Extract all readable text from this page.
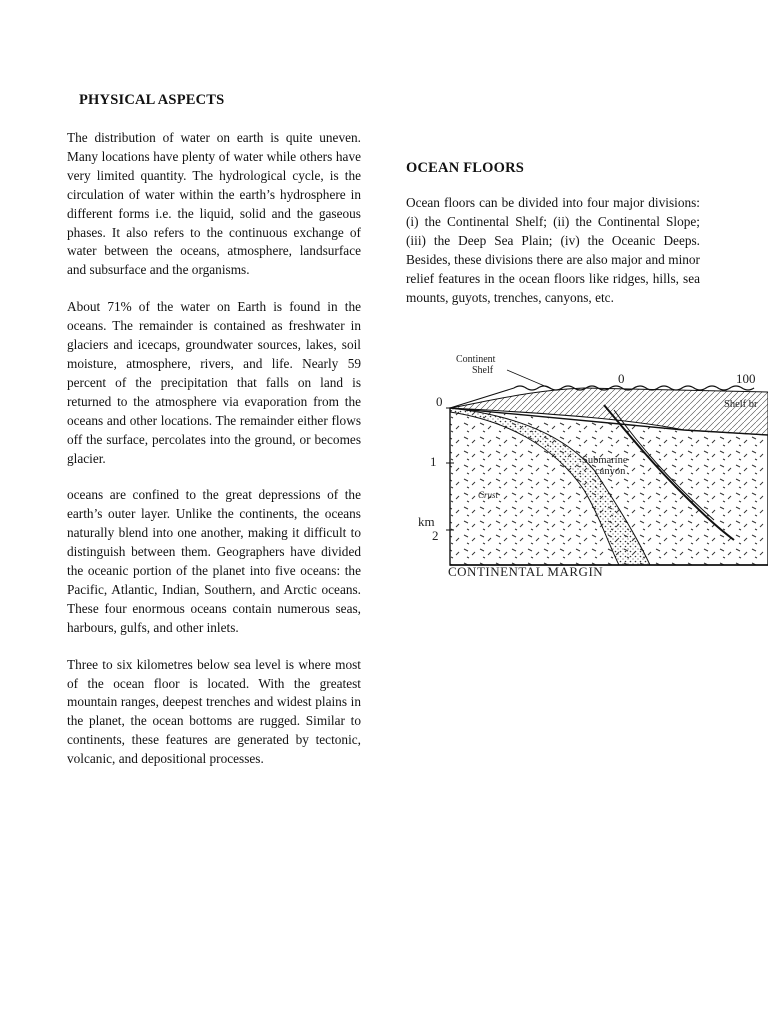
PHYSICAL ASPECTS

The distribution of water on earth is quite uneven. Many locations have plenty of water while others have very limited quantity. The hydrological cycle, is the circulation of water within the earth’s hydrosphere in different forms i.e. the liquid, solid and the gaseous phases. It also refers to the continuous exchange of water between the oceans, atmosphere, landsurface and subsurface and the organisms.

About 71% of the water on Earth is found in the oceans. The remainder is contained as freshwater in glaciers and icecaps, groundwater sources, lakes, soil moisture, atmosphere, rivers, and life. Nearly 59 percent of the precipitation that falls on land is returned to the atmosphere via evaporation from the oceans and other locations. The remainder either flows off the surface, percolates into the ground, or becomes glacier.

oceans are confined to the great depressions of the earth’s outer layer. Unlike the continents, the oceans naturally blend into one another, making it difficult to distinguish between them. Geographers have divided the oceanic portion of the planet into five oceans: the Pacific, Atlantic, Indian, Southern, and Arctic oceans. These four enormous oceans contain numerous seas, harbours, gulfs, and other inlets.

Three to six kilometres below sea level is where most of the ocean floor is located. With the greatest mountain ranges, deepest trenches and widest plains in the planet, the ocean bottoms are rugged. Similar to continents, these features are generated by tectonic, volcanic, and depositional processes.

OCEAN FLOORS

Ocean floors can be divided into four major divisions: (i) the Continental Shelf; (ii) the Continental Slope; (iii) the Deep Sea Plain; (iv) the Oceanic Deeps. Besides, these divisions there are also major and minor relief features in the ocean floors like ridges, hills, sea mounts, guyots, trenches, canyons, etc.

Continent
Shelf
0	100
Shelf br
0
1
km
2
Submarine
canyon
Crust
CONTINENTAL MARGIN
